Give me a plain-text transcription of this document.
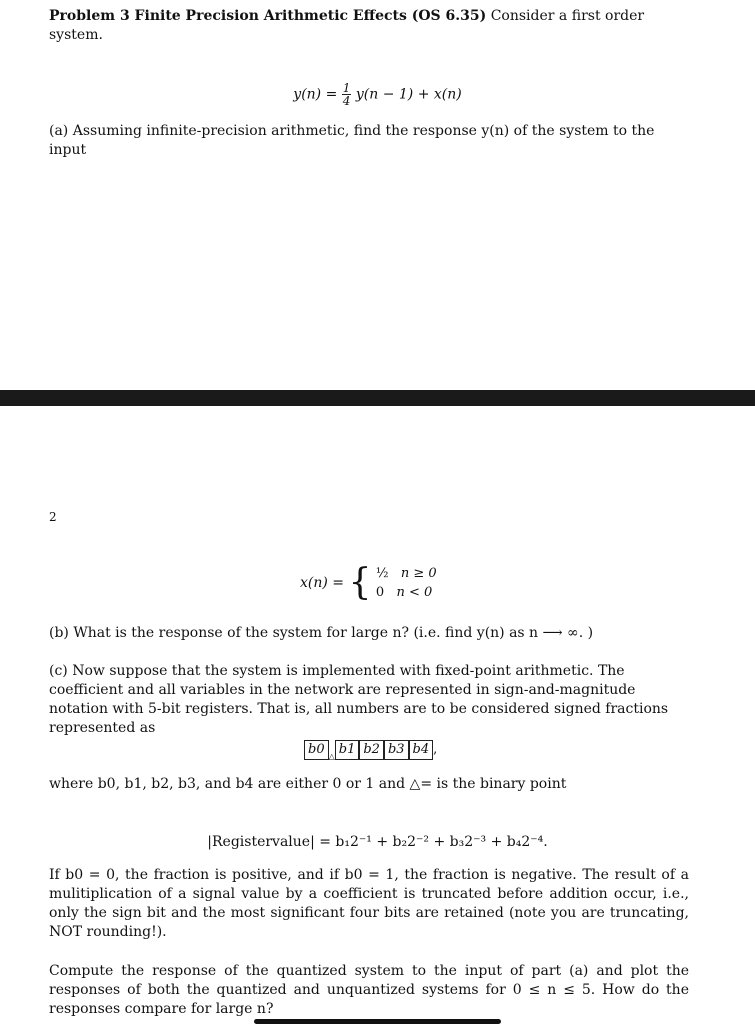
Problem 3 Finite Precision Arithmetic Effects (OS 6.35) Consider a first order system.
$y(n) = \frac{1}{4} y(n - 1) + x(n)$
(a) Assuming infinite-precision arithmetic, find the response y(n) of the system to the input
2
x(n) = { ½ n ≥ 0
0 n < 0
(b) What is the response of the system for large n? (i.e. find y(n) as n ⟶ ∞. )
(c) Now suppose that the system is implemented with fixed-point arithmetic. The coefficient and all variables in the network are represented in sign-and-magnitude notation with 5-bit registers. That is, all numbers are to be considered signed fractions represented as
b0 $_\triangle$ b1 b2 b3 b4 ,
where b0, b1, b2, b3, and b4 are either 0 or 1 and △= is the binary point
|Registervalue| = b₁2⁻¹ + b₂2⁻² + b₃2⁻³ + b₄2⁻⁴.
If b0 = 0, the fraction is positive, and if b0 = 1, the fraction is negative. The result of a mulitiplication of a signal value by a coefficient is truncated before addition occur, i.e., only the sign bit and the most significant four bits are retained (note you are truncating, NOT rounding!).
Compute the response of the quantized system to the input of part (a) and plot the responses of both the quantized and unquantized systems for 0 ≤ n ≤ 5. How do the responses compare for large n?
